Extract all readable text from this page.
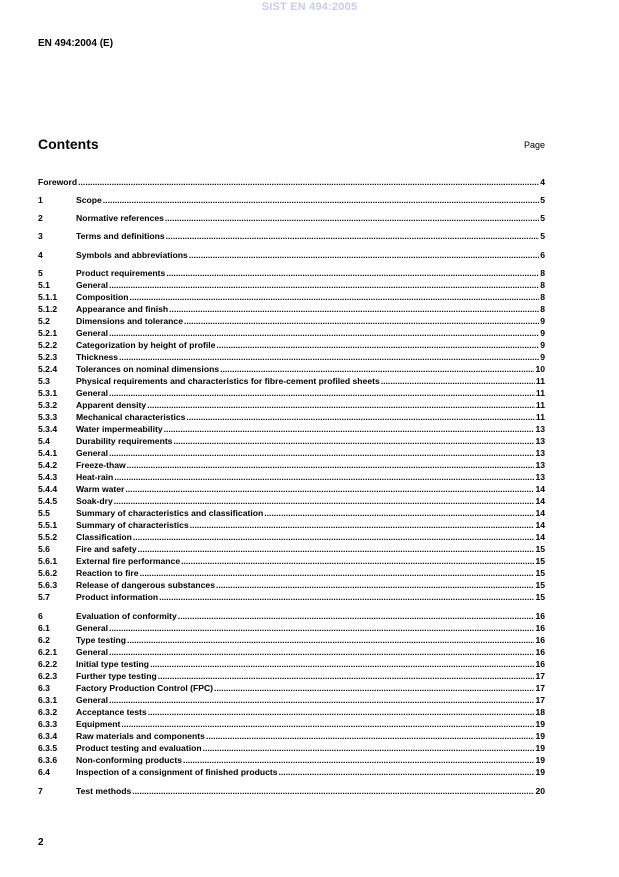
SIST EN 494:2005
EN 494:2004 (E)
Contents	Page
Foreword .....	4
1	Scope .....	5
2	Normative references .....	5
3	Terms and definitions .....	5
4	Symbols and abbreviations .....	6
5	Product requirements .....	8
5.1	General .....	8
5.1.1	Composition .....	8
5.1.2	Appearance and finish .....	8
5.2	Dimensions and tolerance .....	9
5.2.1	General .....	9
5.2.2	Categorization by height of profile .....	9
5.2.3	Thickness .....	9
5.2.4	Tolerances on nominal dimensions .....	10
5.3	Physical requirements and characteristics for fibre-cement profiled sheets .....	11
5.3.1	General .....	11
5.3.2	Apparent density .....	11
5.3.3	Mechanical characteristics .....	11
5.3.4	Water impermeability .....	13
5.4	Durability requirements .....	13
5.4.1	General .....	13
5.4.2	Freeze-thaw .....	13
5.4.3	Heat-rain .....	13
5.4.4	Warm water .....	14
5.4.5	Soak-dry .....	14
5.5	Summary of characteristics and classification .....	14
5.5.1	Summary of characteristics .....	14
5.5.2	Classification .....	14
5.6	Fire and safety .....	15
5.6.1	External fire performance .....	15
5.6.2	Reaction to fire .....	15
5.6.3	Release of dangerous substances .....	15
5.7	Product information .....	15
6	Evaluation of conformity .....	16
6.1	General .....	16
6.2	Type testing .....	16
6.2.1	General .....	16
6.2.2	Initial type testing .....	16
6.2.3	Further type testing .....	17
6.3	Factory Production Control (FPC) .....	17
6.3.1	General .....	17
6.3.2	Acceptance tests .....	18
6.3.3	Equipment .....	19
6.3.4	Raw materials and components .....	19
6.3.5	Product testing and evaluation .....	19
6.3.6	Non-conforming products .....	19
6.4	Inspection of a consignment of finished products .....	19
7	Test methods .....	20
2
